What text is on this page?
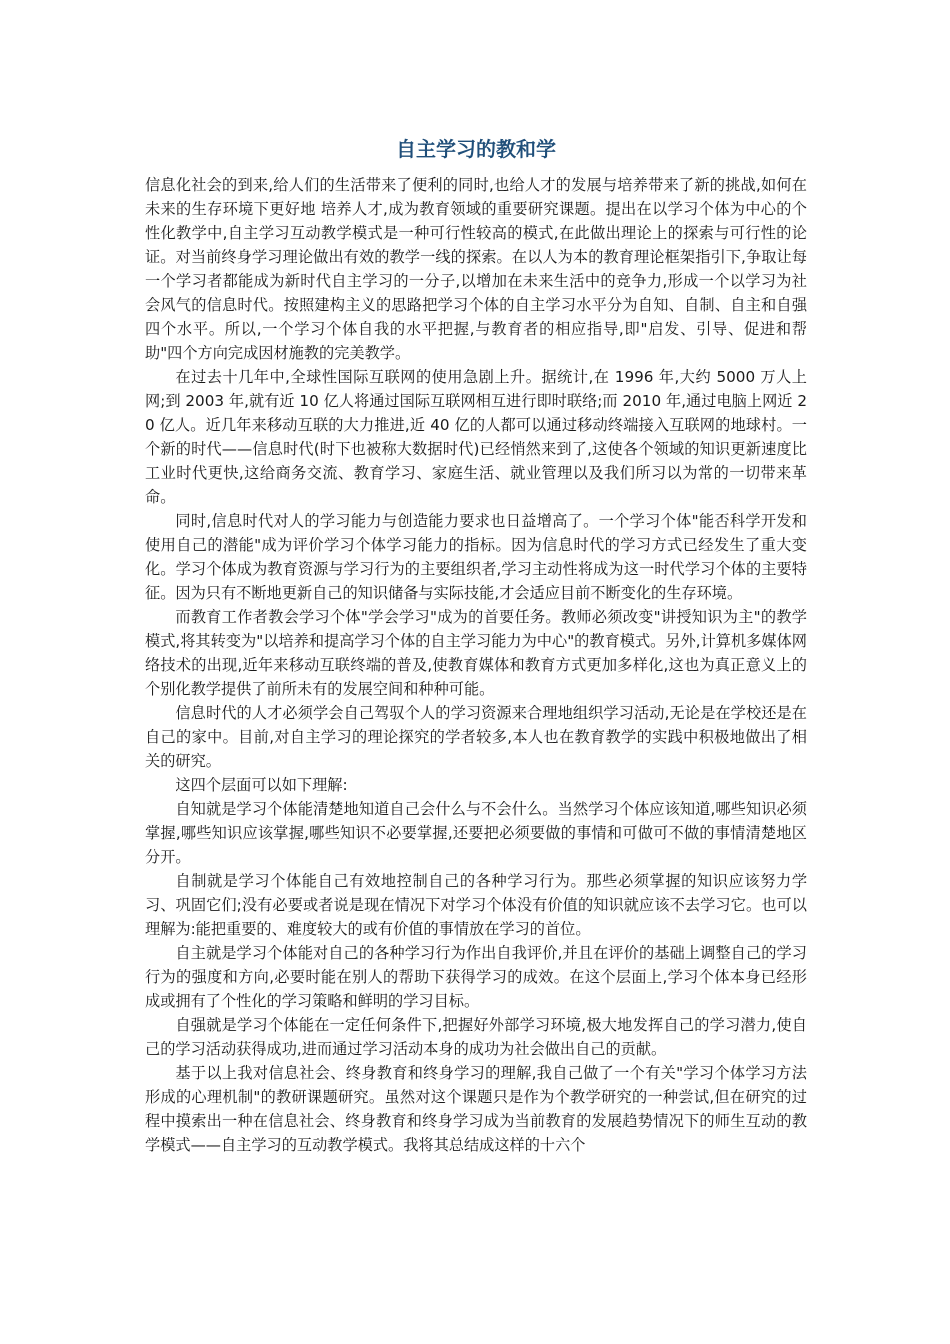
自主学习的教和学

信息化社会的到来,给人们的生活带来了便利的同时,也给人才的发展与培养带来了新的挑战,如何在未来的生存环境下更好地 培养人才,成为教育领域的重要研究课题。提出在以学习个体为中心的个性化教学中,自主学习互动教学模式是一种可行性较高的模式,在此做出理论上的探索与可行性的论证。对当前终身学习理论做出有效的教学一线的探索。在以人为本的教育理论框架指引下,争取让每一个学习者都能成为新时代自主学习的一分子,以增加在未来生活中的竞争力,形成一个以学习为社会风气的信息时代。按照建构主义的思路把学习个体的自主学习水平分为自知、自制、自主和自强四个水平。所以,一个学习个体自我的水平把握,与教育者的相应指导,即"启发、引导、促进和帮助"四个方向完成因材施教的完美教学。

在过去十几年中,全球性国际互联网的使用急剧上升。据统计,在 1996 年,大约 5000 万人上网;到 2003 年,就有近 10 亿人将通过国际互联网相互进行即时联络;而 2010 年,通过电脑上网近 20 亿人。近几年来移动互联的大力推进,近 40 亿的人都可以通过移动终端接入互联网的地球村。一个新的时代——信息时代(时下也被称大数据时代)已经悄然来到了,这使各个领域的知识更新速度比工业时代更快,这给商务交流、教育学习、家庭生活、就业管理以及我们所习以为常的一切带来革命。

同时,信息时代对人的学习能力与创造能力要求也日益增高了。一个学习个体"能否科学开发和使用自己的潜能"成为评价学习个体学习能力的指标。因为信息时代的学习方式已经发生了重大变化。学习个体成为教育资源与学习行为的主要组织者,学习主动性将成为这一时代学习个体的主要特征。因为只有不断地更新自己的知识储备与实际技能,才会适应目前不断变化的生存环境。

而教育工作者教会学习个体"学会学习"成为的首要任务。教师必须改变"讲授知识为主"的教学模式,将其转变为"以培养和提高学习个体的自主学习能力为中心"的教育模式。另外,计算机多媒体网络技术的出现,近年来移动互联终端的普及,使教育媒体和教育方式更加多样化,这也为真正意义上的个别化教学提供了前所未有的发展空间和种种可能。

信息时代的人才必须学会自己驾驭个人的学习资源来合理地组织学习活动,无论是在学校还是在自己的家中。目前,对自主学习的理论探究的学者较多,本人也在教育教学的实践中积极地做出了相关的研究。

这四个层面可以如下理解:

自知就是学习个体能清楚地知道自己会什么与不会什么。当然学习个体应该知道,哪些知识必须掌握,哪些知识应该掌握,哪些知识不必要掌握,还要把必须要做的事情和可做可不做的事情清楚地区分开。

自制就是学习个体能自己有效地控制自己的各种学习行为。那些必须掌握的知识应该努力学习、巩固它们;没有必要或者说是现在情况下对学习个体没有价值的知识就应该不去学习它。也可以理解为:能把重要的、难度较大的或有价值的事情放在学习的首位。

自主就是学习个体能对自己的各种学习行为作出自我评价,并且在评价的基础上调整自己的学习行为的强度和方向,必要时能在别人的帮助下获得学习的成效。在这个层面上,学习个体本身已经形成或拥有了个性化的学习策略和鲜明的学习目标。

自强就是学习个体能在一定任何条件下,把握好外部学习环境,极大地发挥自己的学习潜力,使自己的学习活动获得成功,进而通过学习活动本身的成功为社会做出自己的贡献。

基于以上我对信息社会、终身教育和终身学习的理解,我自己做了一个有关"学习个体学习方法形成的心理机制"的教研课题研究。虽然对这个课题只是作为个教学研究的一种尝试,但在研究的过程中摸索出一种在信息社会、终身教育和终身学习成为当前教育的发展趋势情况下的师生互动的教学模式——自主学习的互动教学模式。我将其总结成这样的十六个
